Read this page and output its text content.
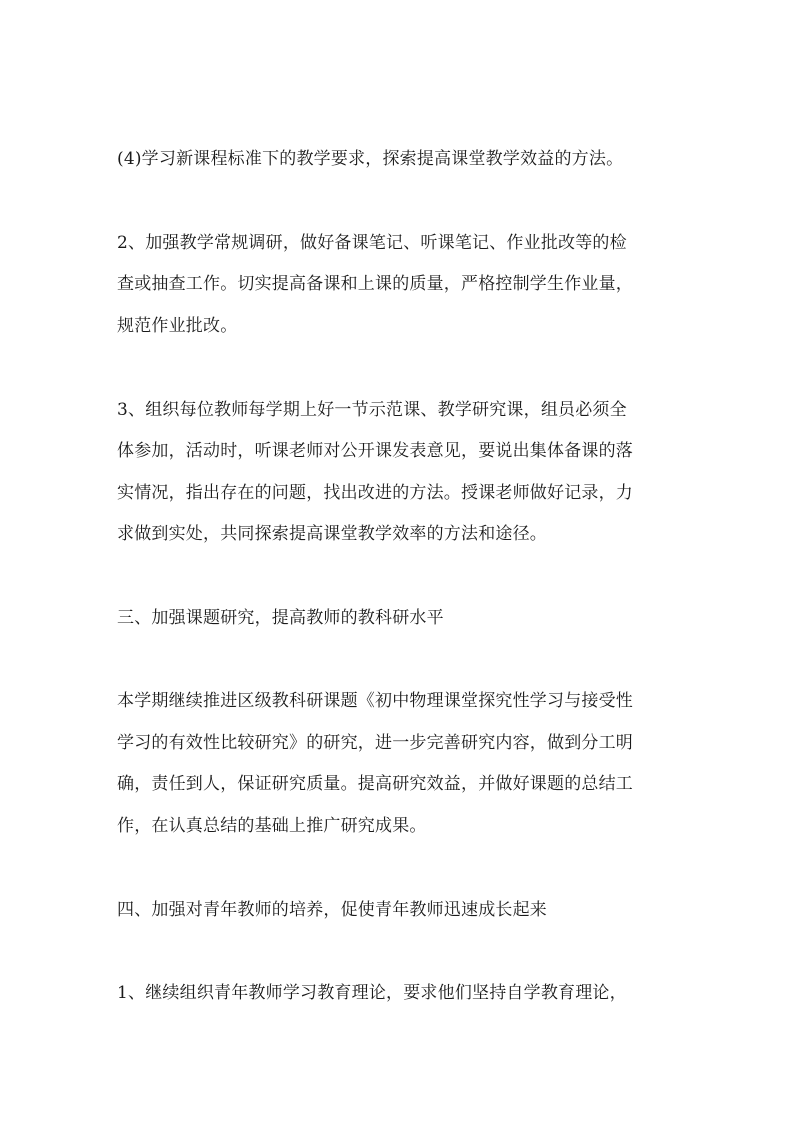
(4)学习新课程标准下的教学要求，探索提高课堂教学效益的方法。
2、加强教学常规调研，做好备课笔记、听课笔记、作业批改等的检
查或抽查工作。切实提高备课和上课的质量，严格控制学生作业量，
规范作业批改。
3、组织每位教师每学期上好一节示范课、教学研究课，组员必须全
体参加，活动时，听课老师对公开课发表意见，要说出集体备课的落
实情况，指出存在的问题，找出改进的方法。授课老师做好记录，力
求做到实处，共同探索提高课堂教学效率的方法和途径。
三、加强课题研究，提高教师的教科研水平
本学期继续推进区级教科研课题《初中物理课堂探究性学习与接受性
学习的有效性比较研究》的研究，进一步完善研究内容，做到分工明
确，责任到人，保证研究质量。提高研究效益，并做好课题的总结工
作，在认真总结的基础上推广研究成果。
四、加强对青年教师的培养，促使青年教师迅速成长起来
1、继续组织青年教师学习教育理论，要求他们坚持自学教育理论，
